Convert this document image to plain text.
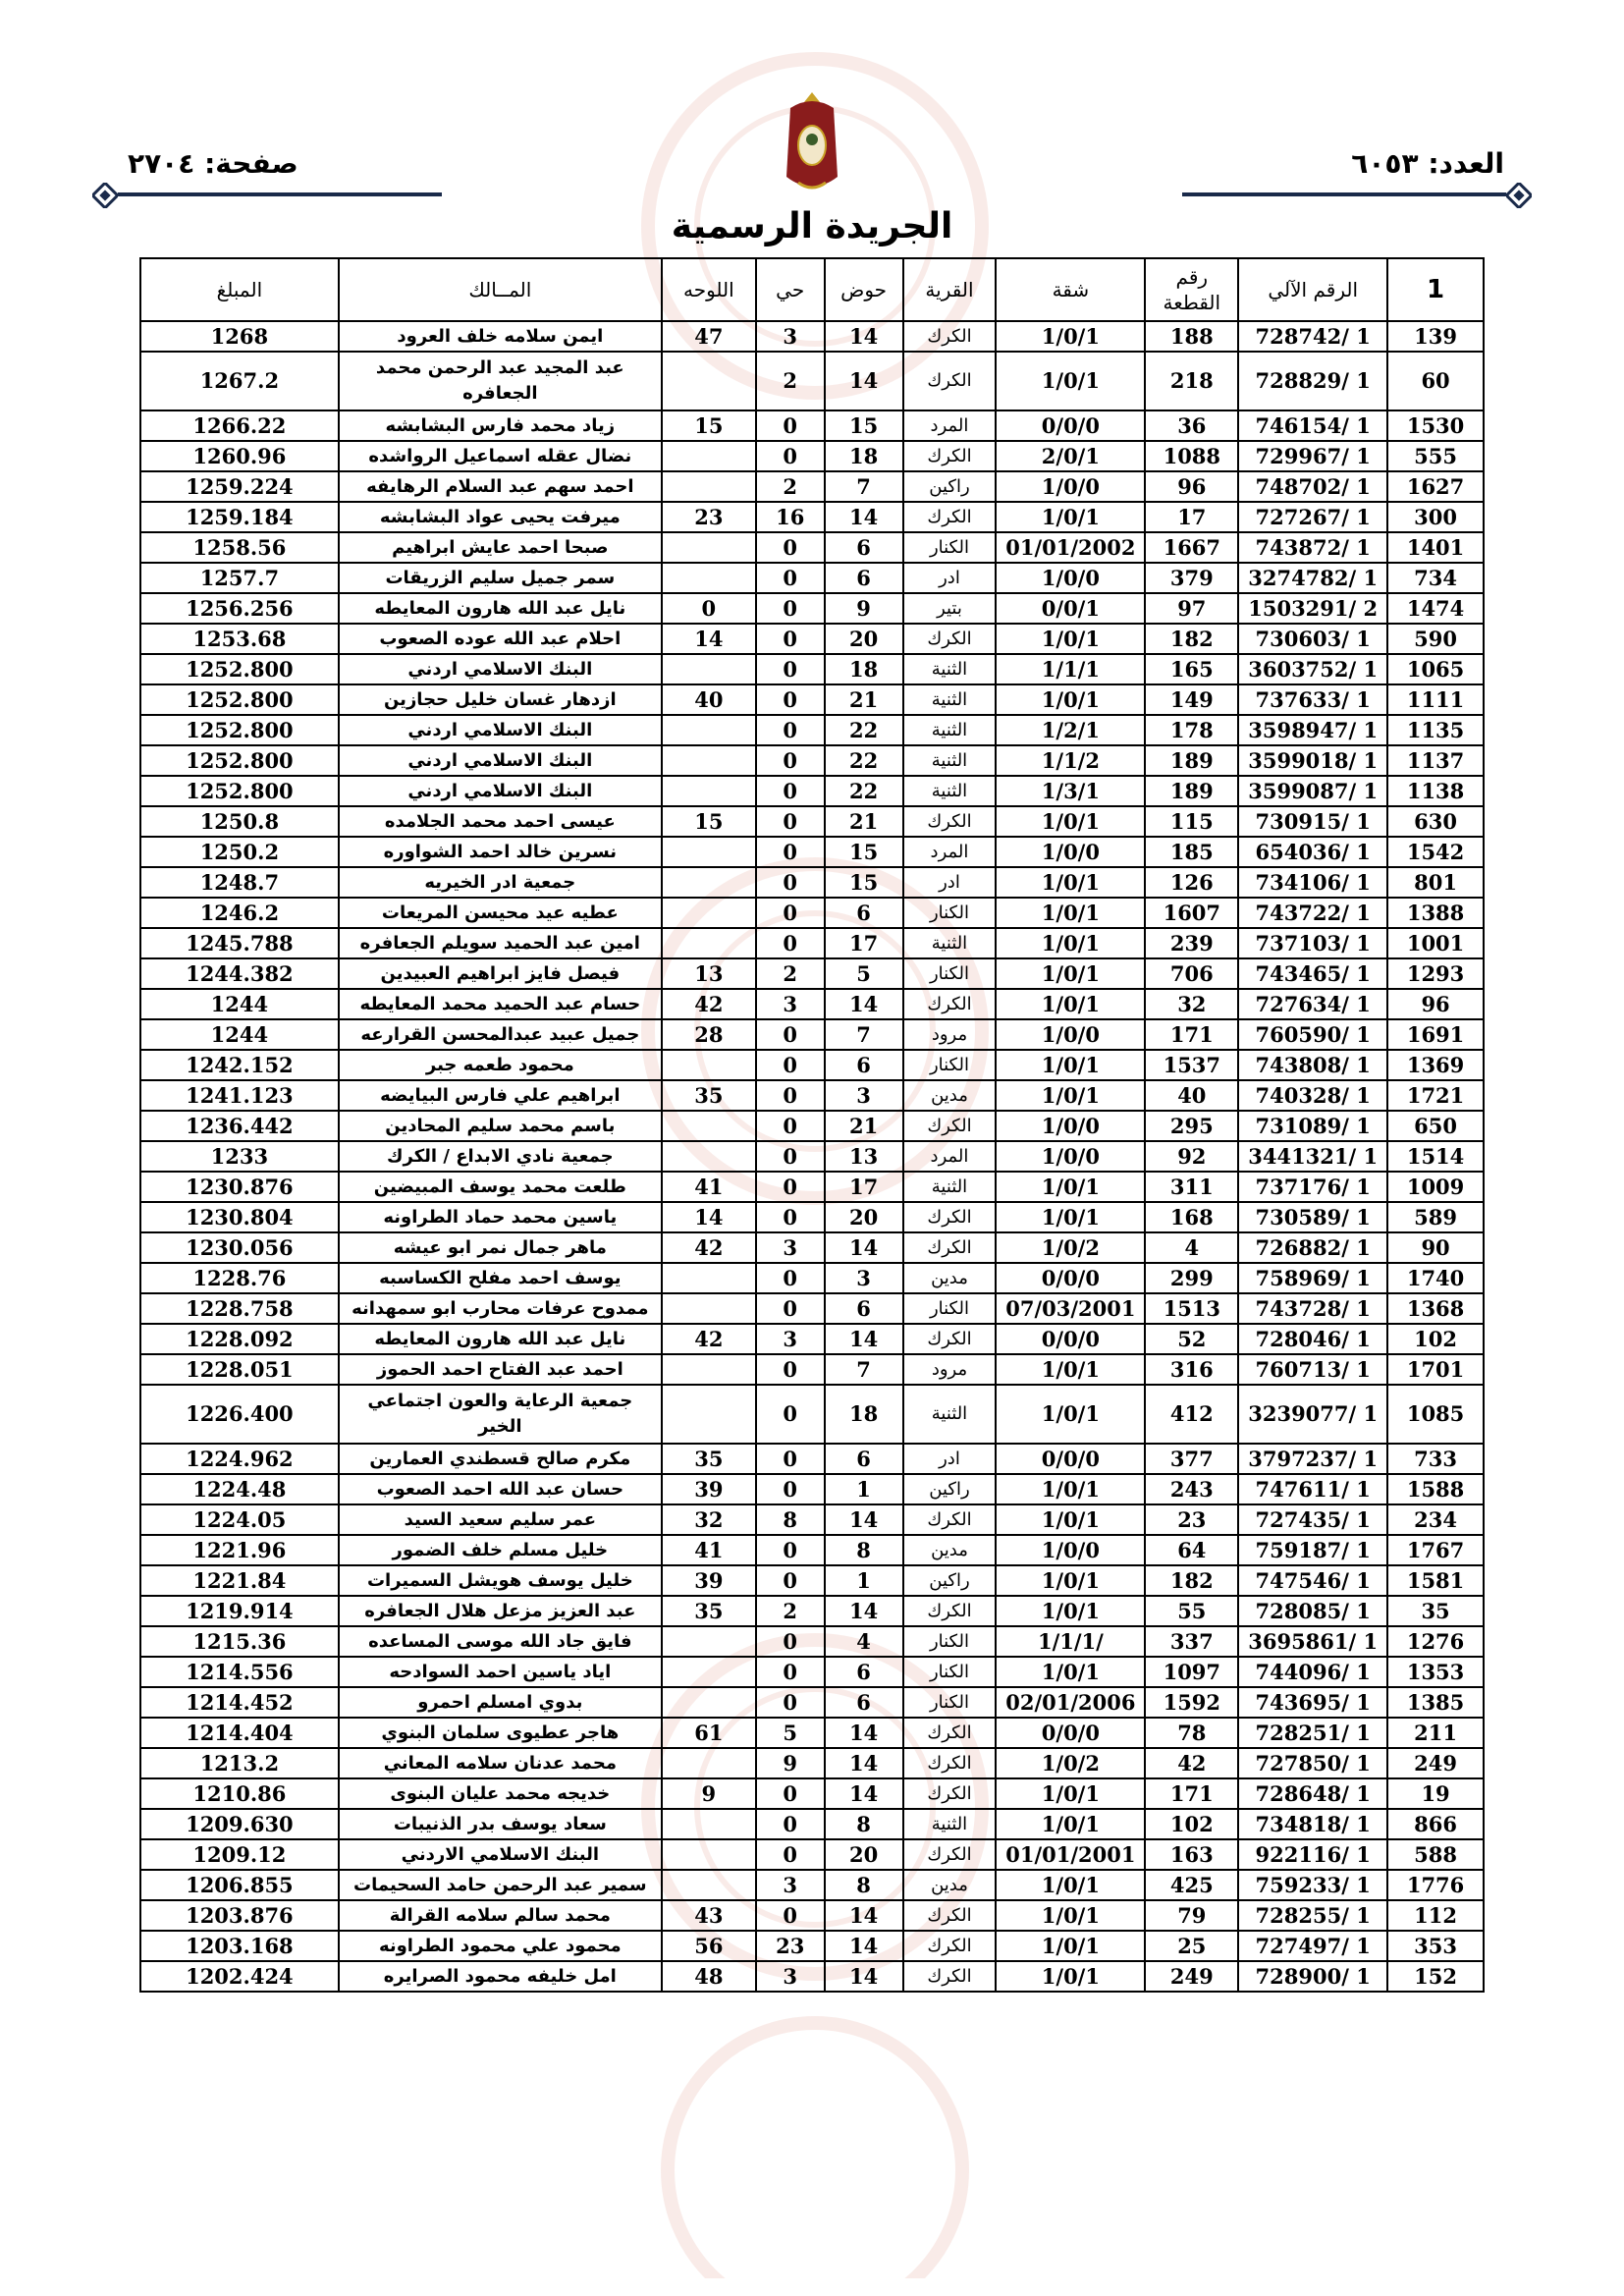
العدد: ٦٠٥٣
صفحة: ٢٧٠٤
الجريدة الرسمية
1	الرقم الآلي	رقم القطعة	شقة	القرية	حوض	حي	اللوحه	المــالك	المبلغ
139	1 /728742	188	1/0/1	الكرك	14	3	47	ايمن سلامه خلف العرود	1268
60	1 /728829	218	1/0/1	الكرك	14	2		عبد المجيد عبد الرحمن محمد الجعافره	1267.2
1530	1 /746154	36	0/0/0	المرد	15	0	15	زياد محمد فارس البشابشه	1266.22
555	1 /729967	1088	2/0/1	الكرك	18	0		نضال عقله اسماعيل الرواشده	1260.96
1627	1 /748702	96	1/0/0	راكين	7	2		احمد سهم عبد السلام الرهايفه	1259.224
300	1 /727267	17	1/0/1	الكرك	14	16	23	ميرفت يحيى عواد البشابشه	1259.184
1401	1 /743872	1667	01/01/2002	الكنار	6	0		صبحا احمد عايش ابراهيم	1258.56
734	1 /3274782	379	1/0/0	ادر	6	0		سمر جميل سليم الزريقات	1257.7
1474	2 /1503291	97	0/0/1	بتير	9	0	0	نايل عبد الله هارون المعايطه	1256.256
590	1 /730603	182	1/0/1	الكرك	20	0	14	احلام عبد الله عوده الصعوب	1253.68
1065	1 /3603752	165	1/1/1	الثنية	18	0		البنك الاسلامي اردني	1252.800
1111	1 /737633	149	1/0/1	الثنية	21	0	40	ازدهار غسان خليل حجازين	1252.800
1135	1 /3598947	178	1/2/1	الثنية	22	0		البنك الاسلامي اردني	1252.800
1137	1 /3599018	189	1/1/2	الثنية	22	0		البنك الاسلامي اردني	1252.800
1138	1 /3599087	189	1/3/1	الثنية	22	0		البنك الاسلامي اردني	1252.800
630	1 /730915	115	1/0/1	الكرك	21	0	15	عيسى احمد محمد الجلامده	1250.8
1542	1 /654036	185	1/0/0	المرد	15	0		نسرين خالد احمد الشواوره	1250.2
801	1 /734106	126	1/0/1	ادر	15	0		جمعية ادر الخيريه	1248.7
1388	1 /743722	1607	1/0/1	الكنار	6	0		عطيه عيد محيسن المريعات	1246.2
1001	1 /737103	239	1/0/1	الثنية	17	0		امين عبد الحميد سويلم الجعافره	1245.788
1293	1 /743465	706	1/0/1	الكنار	5	2	13	فيصل فايز ابراهيم العبيدين	1244.382
96	1 /727634	32	1/0/1	الكرك	14	3	42	حسام عبد الحميد محمد المعايطه	1244
1691	1 /760590	171	1/0/0	مرود	7	0	28	جميل عبيد عبدالمحسن القرارعه	1244
1369	1 /743808	1537	1/0/1	الكنار	6	0		محمود طعمه جبر	1242.152
1721	1 /740328	40	1/0/1	مدين	3	0	35	ابراهيم علي فارس البيايضه	1241.123
650	1 /731089	295	1/0/0	الكرك	21	0		باسم محمد سليم المحادين	1236.442
1514	1 /3441321	92	1/0/0	المرد	13	0		جمعية نادي الابداع / الكرك	1233
1009	1 /737176	311	1/0/1	الثنية	17	0	41	طلعت محمد يوسف المبيضين	1230.876
589	1 /730589	168	1/0/1	الكرك	20	0	14	ياسين محمد حماد الطراونه	1230.804
90	1 /726882	4	1/0/2	الكرك	14	3	42	ماهر جمال نمر ابو عيشه	1230.056
1740	1 /758969	299	0/0/0	مدين	3	0		يوسف احمد مفلح الكساسبه	1228.76
1368	1 /743728	1513	07/03/2001	الكنار	6	0		ممدوح عرفات محارب ابو سمهدانه	1228.758
102	1 /728046	52	0/0/0	الكرك	14	3	42	نايل عبد الله هارون المعايطه	1228.092
1701	1 /760713	316	1/0/1	مرود	7	0		احمد عبد الفتاح احمد الحموز	1228.051
1085	1 /3239077	412	1/0/1	الثنية	18	0		جمعية الرعاية والعون اجتماعي الخير	1226.400
733	1 /3797237	377	0/0/0	ادر	6	0	35	مكرم صالح قسطندي العمارين	1224.962
1588	1 /747611	243	1/0/1	راكين	1	0	39	حسان عبد الله احمد الصعوب	1224.48
234	1 /727435	23	1/0/1	الكرك	14	8	32	عمر سليم سعيد السيد	1224.05
1767	1 /759187	64	1/0/0	مدين	8	0	41	خليل مسلم خلف الضمور	1221.96
1581	1 /747546	182	1/0/1	راكين	1	0	39	خليل يوسف هويشل السميرات	1221.84
35	1 /728085	55	1/0/1	الكرك	14	2	35	عبد العزيز مزعل هلال الجعافره	1219.914
1276	1 /3695861	337	/1/1/1	الكنار	4	0		فايق جاد الله موسى المساعده	1215.36
1353	1 /744096	1097	1/0/1	الكنار	6	0		اياد ياسين احمد السوادحه	1214.556
1385	1 /743695	1592	02/01/2006	الكنار	6	0		بدوي امسلم احمرو	1214.452
211	1 /728251	78	0/0/0	الكرك	14	5	61	هاجر عطيوى سلمان البنوي	1214.404
249	1 /727850	42	1/0/2	الكرك	14	9		محمد عدنان سلامه المعاني	1213.2
19	1 /728648	171	1/0/1	الكرك	14	0	9	خديجه محمد عليان البنوى	1210.86
866	1 /734818	102	1/0/1	الثنية	8	0		سعاد يوسف بدر الذنيبات	1209.630
588	1 /922116	163	01/01/2001	الكرك	20	0		البنك الاسلامي الاردني	1209.12
1776	1 /759233	425	1/0/1	مدين	8	3		سمير عبد الرحمن حامد السحيمات	1206.855
112	1 /728255	79	1/0/1	الكرك	14	0	43	محمد سالم سلامه القرالة	1203.876
353	1 /727497	25	1/0/1	الكرك	14	23	56	محمود علي محمود الطراونه	1203.168
152	1 /728900	249	1/0/1	الكرك	14	3	48	امل خليفه محمود الصرايره	1202.424
